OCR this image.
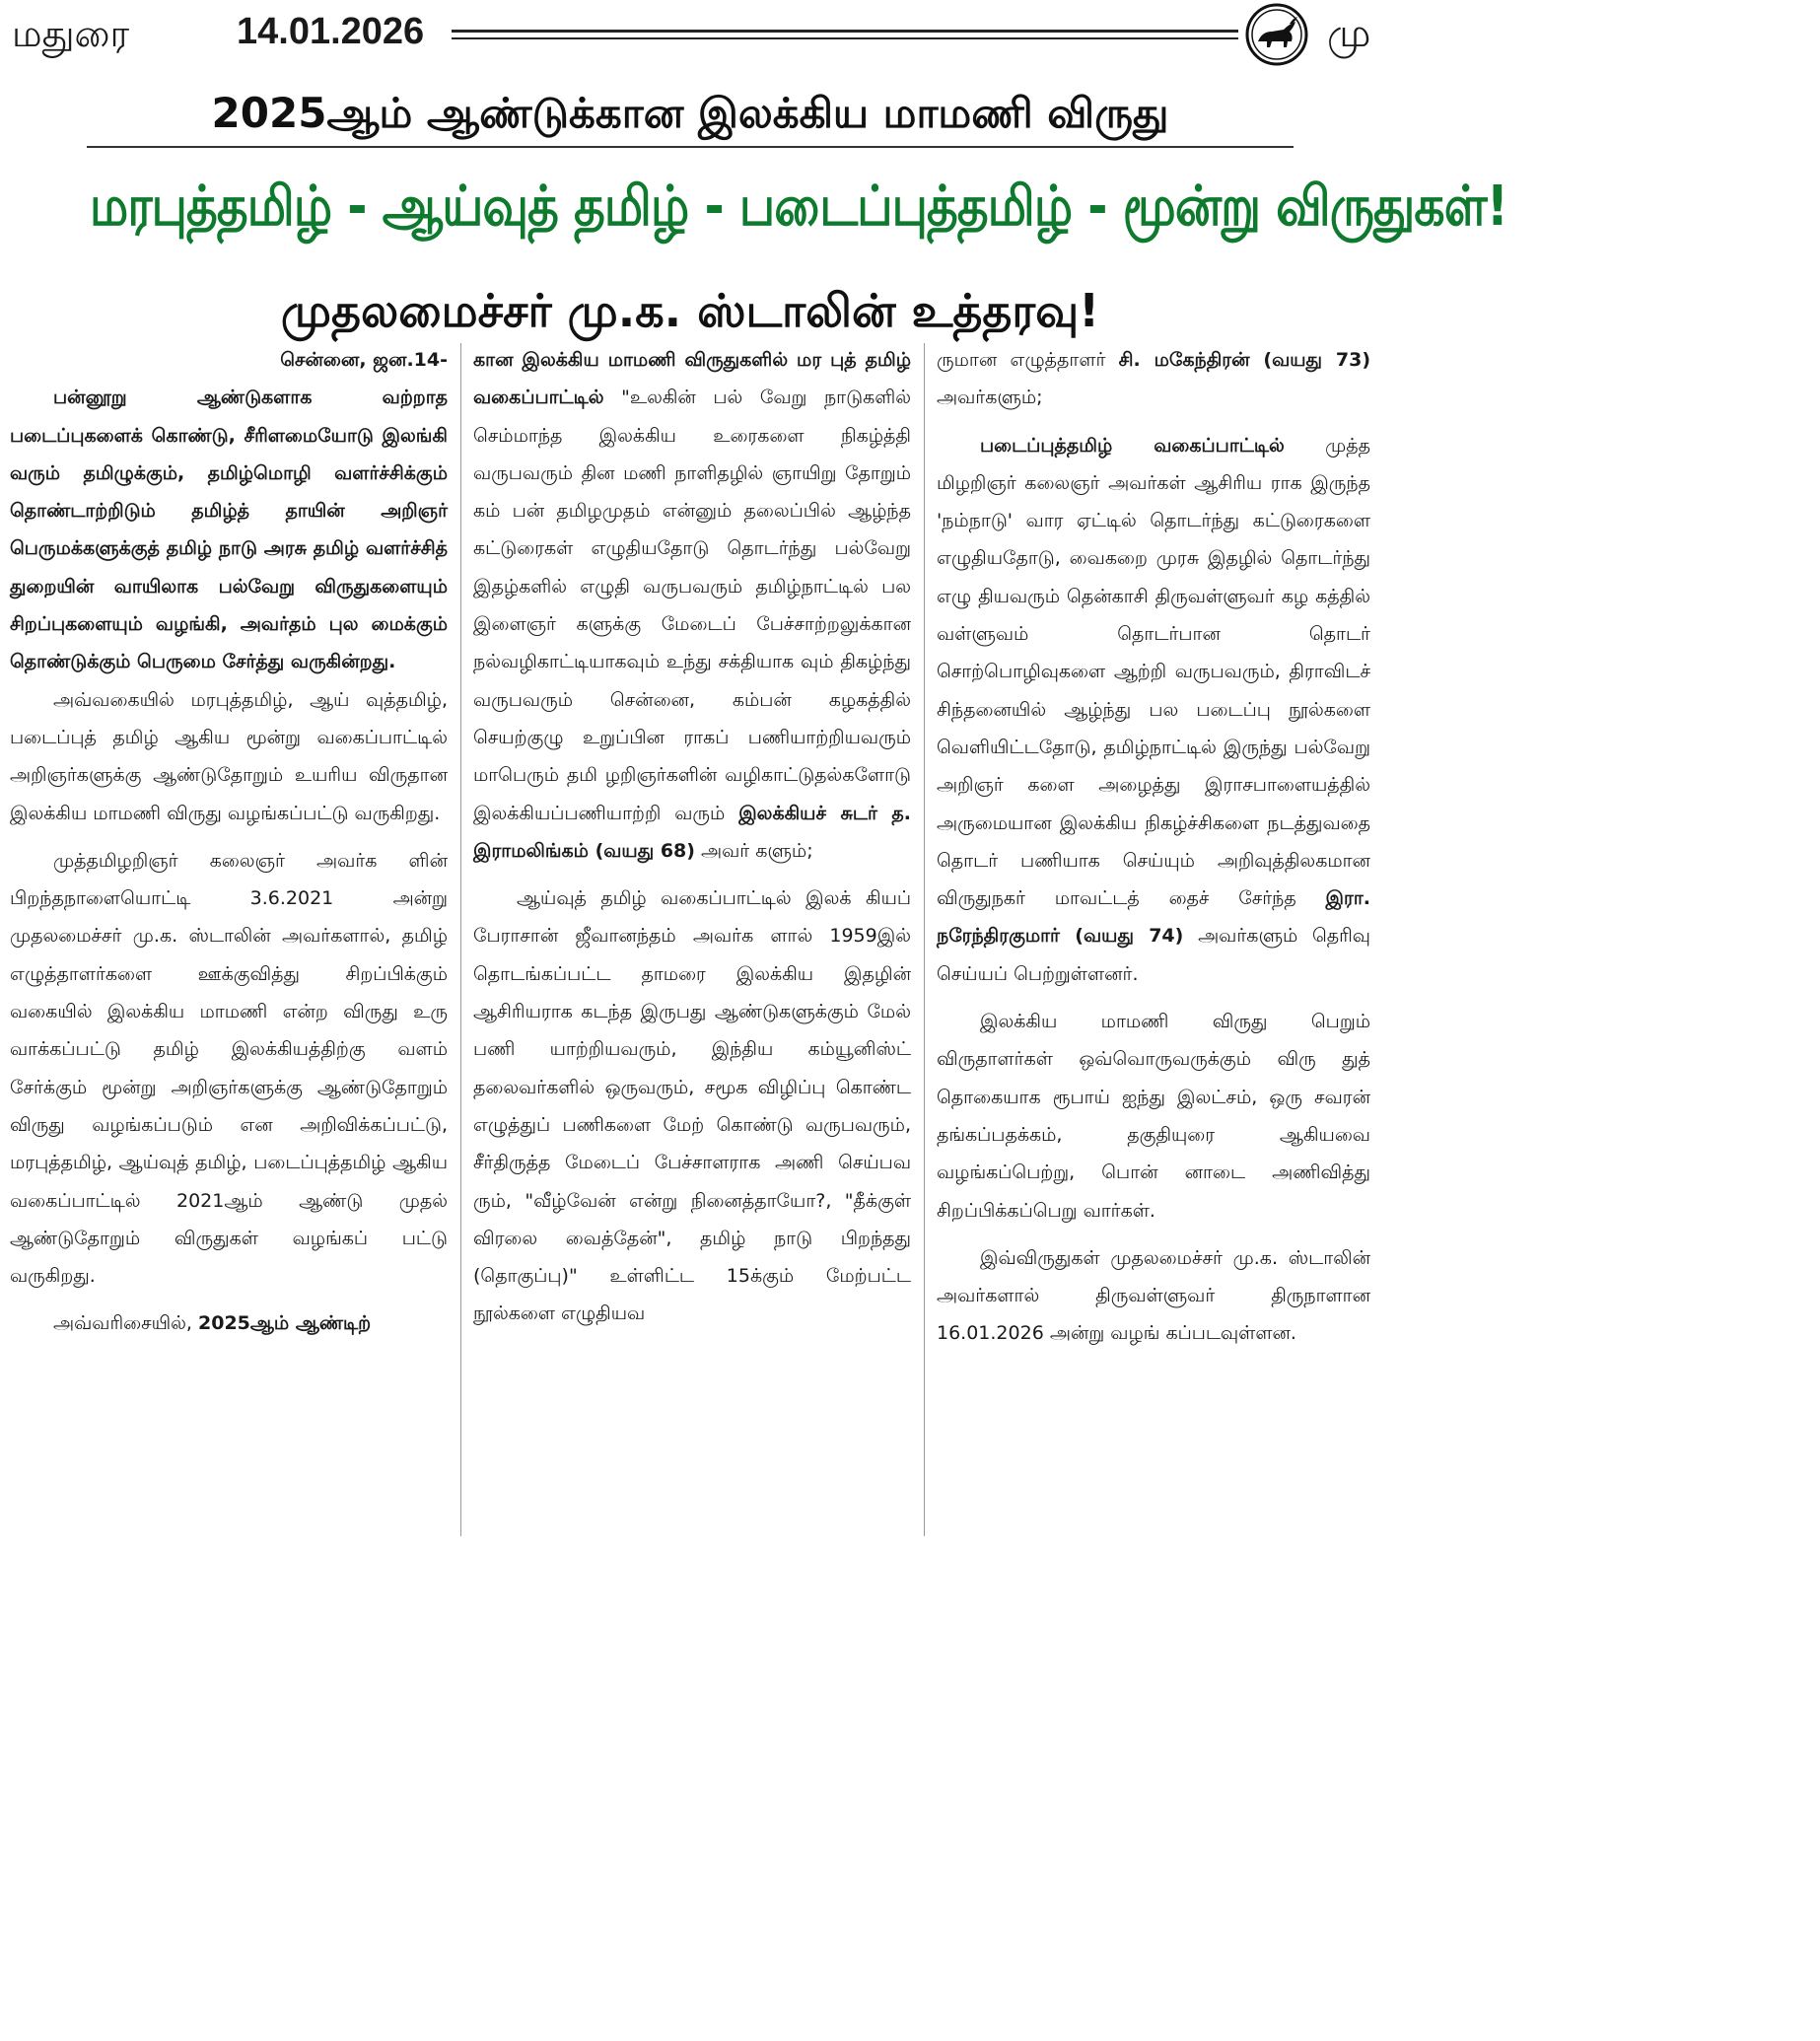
மதுரை	14.01.2026	மு
2025ஆம் ஆண்டுக்கான இலக்கிய மாமணி விருது
மரபுத்தமிழ் - ஆய்வுத் தமிழ் - படைப்புத்தமிழ் - மூன்று விருதுகள்!
முதலமைச்சர் மு.க. ஸ்டாலின் உத்தரவு!

சென்னை, ஜன.14-

பன்னூறு ஆண்டுகளாக வற்றாத படைப்புகளைக் கொண்டு, சீரிளமையோடு இலங்கி வரும் தமிழுக்கும், தமிழ்மொழி வளர்ச்சிக்கும் தொண்டாற்றிடும் தமிழ்த் தாயின் அறிஞர் பெருமக்களுக்குத் தமிழ் நாடு அரசு தமிழ் வளர்ச்சித் துறையின் வாயிலாக பல்வேறு விருதுகளையும் சிறப்புகளையும் வழங்கி, அவர்தம் புல மைக்கும் தொண்டுக்கும் பெருமை சேர்த்து வருகின்றது.

அவ்வகையில் மரபுத்தமிழ், ஆய் வுத்தமிழ், படைப்புத் தமிழ் ஆகிய மூன்று வகைப்பாட்டில் அறிஞர்களுக்கு ஆண்டுதோறும் உயரிய விருதான இலக்கிய மாமணி விருது வழங்கப்பட்டு வருகிறது.

முத்தமிழறிஞர் கலைஞர் அவர்க ளின் பிறந்தநாளையொட்டி 3.6.2021 அன்று முதலமைச்சர் மு.க. ஸ்டாலின் அவர்களால், தமிழ் எழுத்தாளர்களை ஊக்குவித்து சிறப்பிக்கும் வகையில் இலக்கிய மாமணி என்ற விருது உரு வாக்கப்பட்டு தமிழ் இலக்கியத்திற்கு வளம் சேர்க்கும் மூன்று அறிஞர்களுக்கு ஆண்டுதோறும் விருது வழங்கப்படும் என அறிவிக்கப்பட்டு, மரபுத்தமிழ், ஆய்வுத் தமிழ், படைப்புத்தமிழ் ஆகிய வகைப்பாட்டில் 2021ஆம் ஆண்டு முதல் ஆண்டுதோறும் விருதுகள் வழங்கப் பட்டு வருகிறது.

அவ்வரிசையில், 2025ஆம் ஆண்டிற்

கான இலக்கிய மாமணி விருதுகளில் மர புத் தமிழ் வகைப்பாட்டில் "உலகின் பல் வேறு நாடுகளில் செம்மாந்த இலக்கிய உரைகளை நிகழ்த்தி வருபவரும் தின மணி நாளிதழில் ஞாயிறு தோறும் கம் பன் தமிழமுதம் என்னும் தலைப்பில் ஆழ்ந்த கட்டுரைகள் எழுதியதோடு தொடர்ந்து பல்வேறு இதழ்களில் எழுதி வருபவரும் தமிழ்நாட்டில் பல இளைஞர் களுக்கு மேடைப் பேச்சாற்றலுக்கான நல்வழிகாட்டியாகவும் உந்து சக்தியாக வும் திகழ்ந்து வருபவரும் சென்னை, கம்பன் கழகத்தில் செயற்குழு உறுப்பின ராகப் பணியாற்றியவரும் மாபெரும் தமி ழறிஞர்களின் வழிகாட்டுதல்களோடு இலக்கியப்பணியாற்றி வரும் இலக்கியச் சுடர் த. இராமலிங்கம் (வயது 68) அவர் களும்;

ஆய்வுத் தமிழ் வகைப்பாட்டில் இலக் கியப் பேராசான் ஜீவானந்தம் அவர்க ளால் 1959இல் தொடங்கப்பட்ட தாமரை இலக்கிய இதழின் ஆசிரியராக கடந்த இருபது ஆண்டுகளுக்கும் மேல் பணி யாற்றியவரும், இந்திய கம்யூனிஸ்ட் தலைவர்களில் ஒருவரும், சமூக விழிப்பு கொண்ட எழுத்துப் பணிகளை மேற் கொண்டு வருபவரும், சீர்திருத்த மேடைப் பேச்சாளராக அணி செய்பவ ரும், "வீழ்வேன் என்று நினைத்தாயோ?, "தீக்குள் விரலை வைத்தேன்", தமிழ் நாடு பிறந்தது (தொகுப்பு)" உள்ளிட்ட 15க்கும் மேற்பட்ட நூல்களை எழுதியவ

ருமான எழுத்தாளர் சி. மகேந்திரன் (வயது 73) அவர்களும்;

படைப்புத்தமிழ் வகைப்பாட்டில் முத்த மிழறிஞர் கலைஞர் அவர்கள் ஆசிரிய ராக இருந்த 'நம்நாடு' வார ஏட்டில் தொடர்ந்து கட்டுரைகளை எழுதியதோடு, வைகறை முரசு இதழில் தொடர்ந்து எழு தியவரும் தென்காசி திருவள்ளுவர் கழ கத்தில் வள்ளுவம் தொடர்பான தொடர் சொற்பொழிவுகளை ஆற்றி வருபவரும், திராவிடச் சிந்தனையில் ஆழ்ந்து பல படைப்பு நூல்களை வெளியிட்டதோடு, தமிழ்நாட்டில் இருந்து பல்வேறு அறிஞர் களை அழைத்து இராசபாளையத்தில் அருமையான இலக்கிய நிகழ்ச்சிகளை நடத்துவதை தொடர் பணியாக செய்யும் அறிவுத்திலகமான விருதுநகர் மாவட்டத் தைச் சேர்ந்த இரா. நரேந்திரகுமார் (வயது 74) அவர்களும் தெரிவு செய்யப் பெற்றுள்ளனர்.

இலக்கிய மாமணி விருது பெறும் விருதாளர்கள் ஒவ்வொருவருக்கும் விரு துத் தொகையாக ரூபாய் ஐந்து இலட்சம், ஒரு சவரன் தங்கப்பதக்கம், தகுதியுரை ஆகியவை வழங்கப்பெற்று, பொன் னாடை அணிவித்து சிறப்பிக்கப்பெறு வார்கள்.

இவ்விருதுகள் முதலமைச்சர் மு.க. ஸ்டாலின் அவர்களால் திருவள்ளுவர் திருநாளான 16.01.2026 அன்று வழங் கப்படவுள்ளன.
